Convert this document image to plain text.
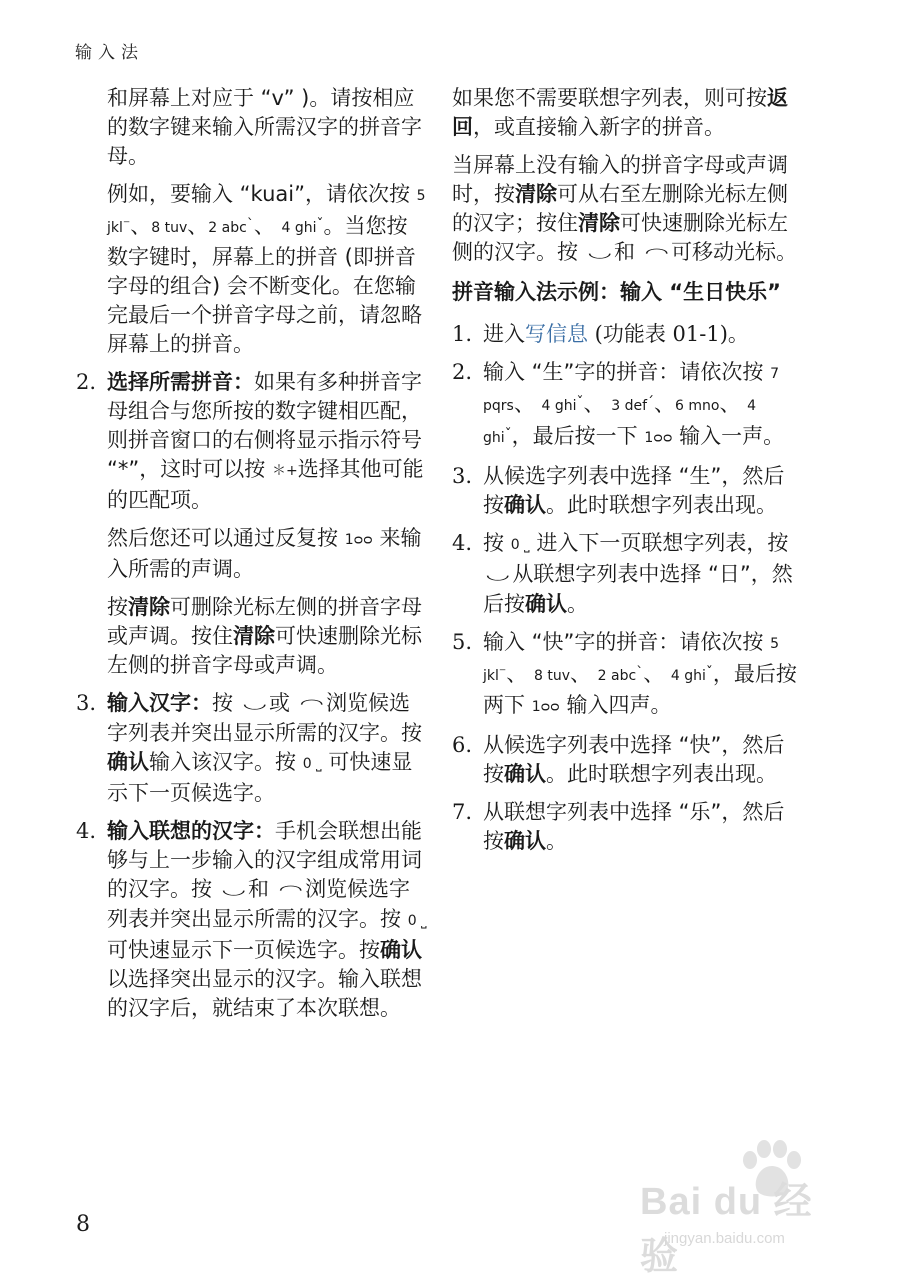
输入法

和屏幕上对应于 “v” )。请按相应的数字键来输入所需汉字的拼音字母。

例如，要输入 “kuai”，请依次按 5 jkl⁻、8 tuv、2 abcˋ、 4 ghiˇ。当您按数字键时，屏幕上的拼音 (即拼音字母的组合) 会不断变化。在您输完最后一个拼音字母之前，请忽略屏幕上的拼音。

2. 选择所需拼音：如果有多种拼音字母组合与您所按的数字键相匹配，则拼音窗口的右侧将显示指示符号 “*”，这时可以按 ＊+选择其他可能的匹配项。

然后您还可以通过反复按 1ᴑᴑ 来输入所需的声调。

按清除可删除光标左侧的拼音字母或声调。按住清除可快速删除光标左侧的拼音字母或声调。

3. 输入汉字：按 ◡ 或 ◠ 浏览候选字列表并突出显示所需的汉字。按确认输入该汉字。按 0 ⎵ 可快速显示下一页候选字。

4. 输入联想的汉字：手机会联想出能够与上一步输入的汉字组成常用词的汉字。按 ◡ 和 ◠ 浏览候选字列表并突出显示所需的汉字。按 0 ⎵ 可快速显示下一页候选字。按确认以选择突出显示的汉字。输入联想的汉字后，就结束了本次联想。

如果您不需要联想字列表，则可按返回，或直接输入新字的拼音。

当屏幕上没有输入的拼音字母或声调时，按清除可从右至左删除光标左侧的汉字；按住清除可快速删除光标左侧的汉字。按 ◡ 和 ◠ 可移动光标。

拼音输入法示例：输入 “生日快乐”
1. 进入写信息 (功能表 01-1)。

2. 输入 “生”字的拼音：请依次按 7 pqrs、 4 ghiˇ、 3 defˊ、6 mno、 4 ghiˇ，最后按一下 1ᴑᴑ 输入一声。

3. 从候选字列表中选择 “生”，然后按确认。此时联想字列表出现。

4. 按 0 ⎵ 进入下一页联想字列表，按 ◡ 从联想字列表中选择 “日”，然后按确认。

5. 输入 “快”字的拼音：请依次按 5 jkl⁻、 8 tuv、 2 abcˋ、 4 ghiˇ，最后按两下 1ᴑᴑ 输入四声。

6. 从候选字列表中选择 “快”，然后按确认。此时联想字列表出现。

7. 从联想字列表中选择 “乐”，然后按确认。

8
Bai du 经验
jingyan.baidu.com
